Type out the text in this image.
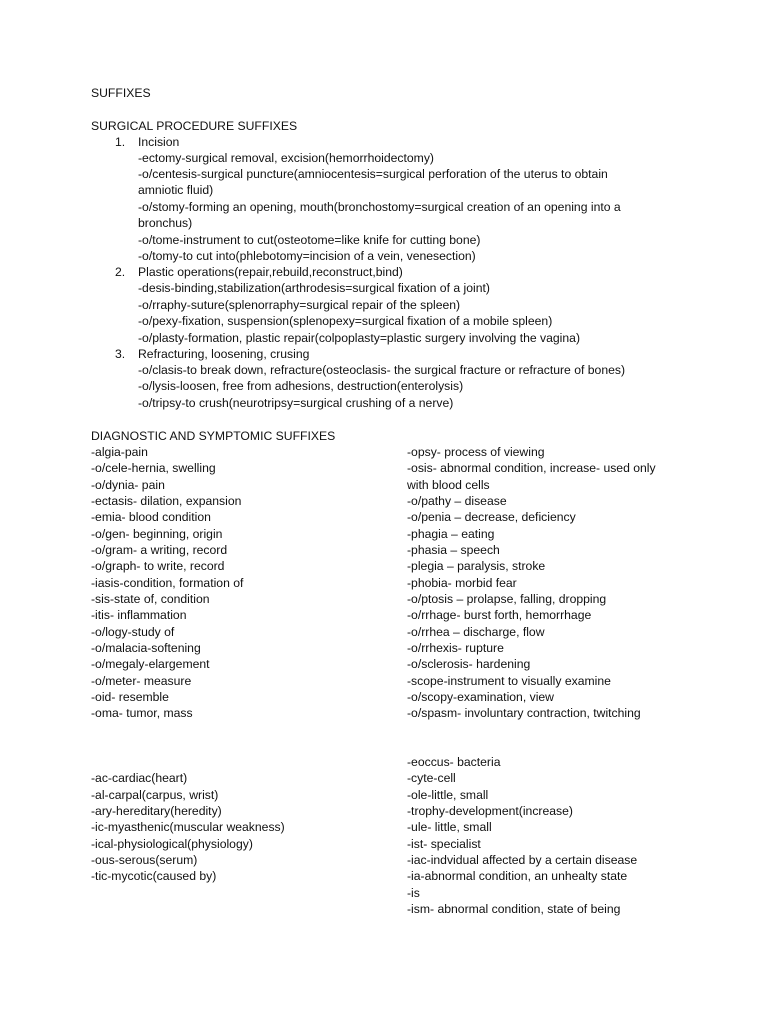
SUFFIXES
SURGICAL PROCEDURE SUFFIXES
1. Incision
-ectomy-surgical removal, excision(hemorrhoidectomy)
-o/centesis-surgical puncture(amniocentesis=surgical perforation of the uterus to obtain
amniotic fluid)
-o/stomy-forming an opening, mouth(bronchostomy=surgical creation of an opening into a
bronchus)
-o/tome-instrument to cut(osteotome=like knife for cutting bone)
-o/tomy-to cut into(phlebotomy=incision of a vein, venesection)
2. Plastic operations(repair,rebuild,reconstruct,bind)
-desis-binding,stabilization(arthrodesis=surgical fixation of a joint)
-o/rraphy-suture(splenorraphy=surgical repair of the spleen)
-o/pexy-fixation, suspension(splenopexy=surgical fixation of a mobile spleen)
-o/plasty-formation, plastic repair(colpoplasty=plastic surgery involving the vagina)
3. Refracturing, loosening, crusing
-o/clasis-to break down, refracture(osteoclasis- the surgical fracture or refracture of bones)
-o/lysis-loosen, free from adhesions, destruction(enterolysis)
-o/tripsy-to crush(neurotripsy=surgical crushing of a nerve)
DIAGNOSTIC AND SYMPTOMIC SUFFIXES
-algia-pain
-o/cele-hernia, swelling
-o/dynia- pain
-ectasis- dilation, expansion
-emia- blood condition
-o/gen- beginning, origin
-o/gram- a writing, record
-o/graph- to write, record
-iasis-condition, formation of
-sis-state of, condition
-itis- inflammation
-o/logy-study of
-o/malacia-softening
-o/megaly-elargement
-o/meter- measure
-oid- resemble
-oma- tumor, mass
-opsy- process of viewing
-osis- abnormal condition, increase- used only
with blood cells
-o/pathy – disease
-o/penia – decrease, deficiency
-phagia – eating
-phasia – speech
-plegia – paralysis, stroke
-phobia- morbid fear
-o/ptosis – prolapse, falling, dropping
-o/rrhage- burst forth, hemorrhage
-o/rrhea – discharge, flow
-o/rrhexis- rupture
-o/sclerosis- hardening
-scope-instrument to visually examine
-o/scopy-examination, view
-o/spasm- involuntary contraction, twitching
-ac-cardiac(heart)
-al-carpal(carpus, wrist)
-ary-hereditary(heredity)
-ic-myasthenic(muscular weakness)
-ical-physiological(physiology)
-ous-serous(serum)
-tic-mycotic(caused by)
-eoccus- bacteria
-cyte-cell
-ole-little, small
-trophy-development(increase)
-ule- little, small
-ist- specialist
-iac-indvidual affected by a certain disease
-ia-abnormal condition, an unhealty state
-is
-ism- abnormal condition, state of being
